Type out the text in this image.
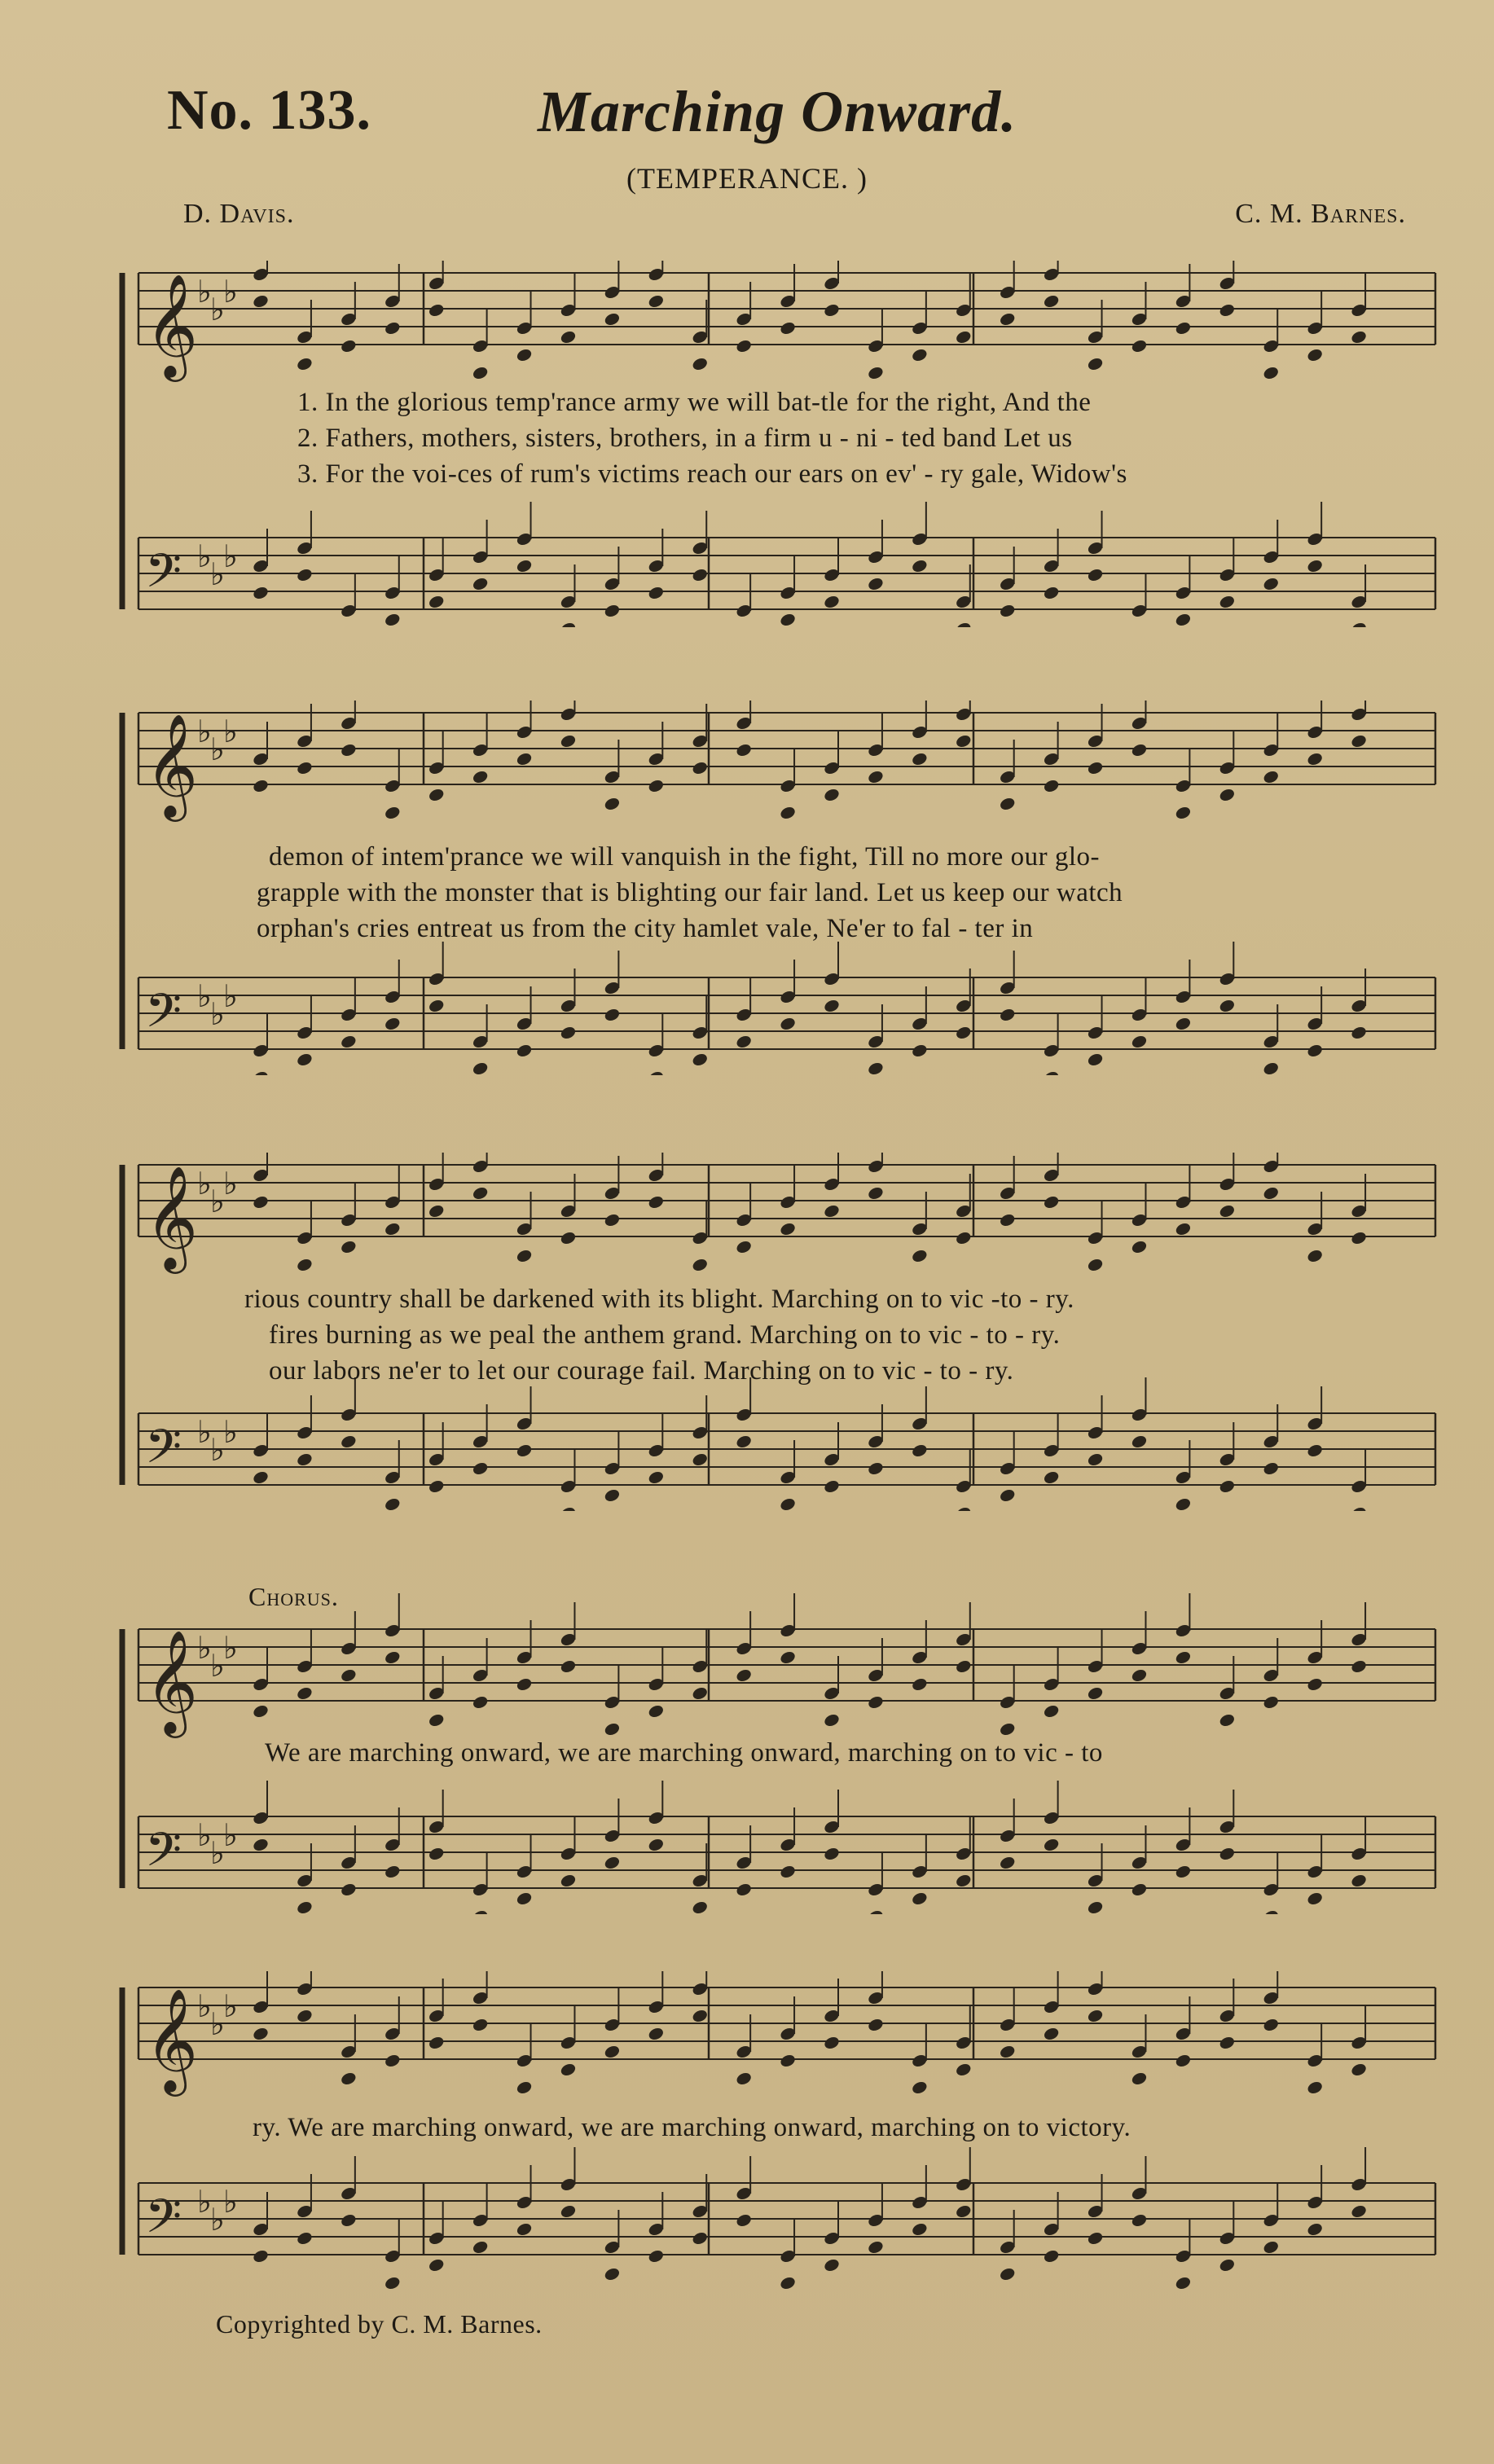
No. 133.	Marching Onward.
(TEMPERANCE. )
D. Davis.	C. M. Barnes.
𝄞
♭
♭
♭
𝄢 ♭
♭
♭
1. In the glorious temp'rance army we will bat-tle for the right, And the
2. Fathers, mothers, sisters, brothers, in a firm u - ni - ted band Let us
3. For the voi-ces of rum's victims reach our ears on ev' - ry gale, Widow's
𝄞
♭
♭
♭
𝄢 ♭
♭
♭
demon of intem'prance we will vanquish in the fight, Till no more our glo-
grapple with the monster that is blighting our fair land. Let us keep our watch
orphan's cries entreat us from the city hamlet vale, Ne'er to fal - ter in
𝄞
♭
♭
♭
𝄢 ♭
♭
♭
rious country shall be darkened with its blight. Marching on to vic -to - ry.
fires burning as we peal the anthem grand. Marching on to vic - to - ry.
our labors ne'er to let our courage fail. Marching on to vic - to - ry.
Chorus.
𝄞
♭
♭
♭
𝄢 ♭
♭
♭
We are marching onward, we are marching onward, marching on to vic - to
𝄞
♭
♭
♭
𝄢 ♭
♭
♭
ry. We are marching onward, we are marching onward, marching on to victory.
Copyrighted by C. M. Barnes.
